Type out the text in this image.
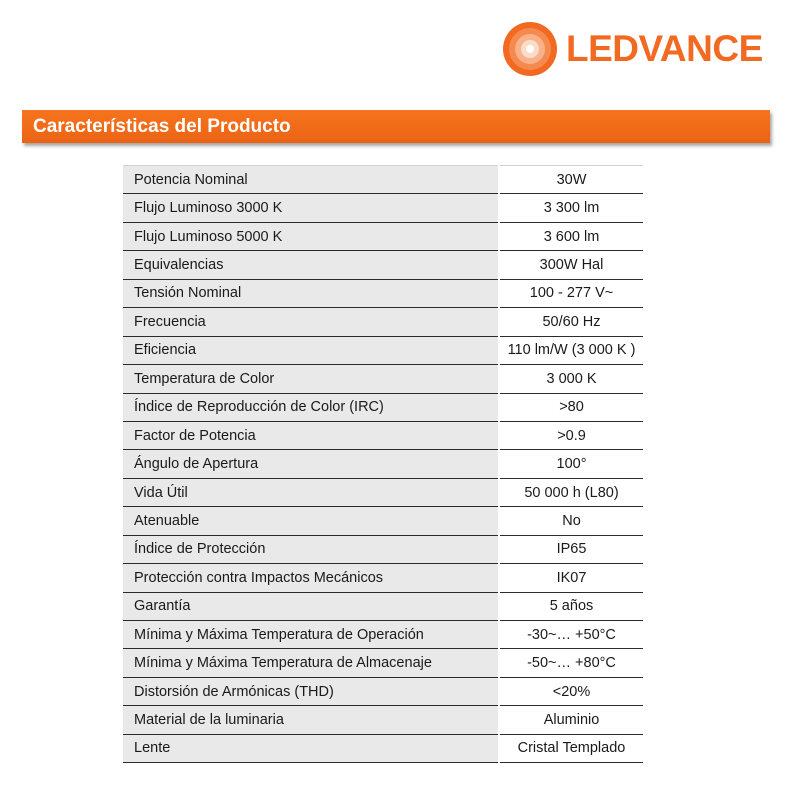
LEDVANCE
Características del Producto
Potencia Nominal	30W
Flujo Luminoso 3000 K	3 300 lm
Flujo Luminoso 5000 K	3 600 lm
Equivalencias	300W Hal
Tensión Nominal	100 - 277 V~
Frecuencia	50/60 Hz
Eficiencia	110 lm/W (3 000 K )
Temperatura de Color	3 000 K
Índice de Reproducción de Color (IRC)	>80
Factor de Potencia	>0.9
Ángulo de Apertura	100°
Vida Útil	50 000 h (L80)
Atenuable	No
Índice de Protección	IP65
Protección contra Impactos Mecánicos	IK07
Garantía	5 años
Mínima y Máxima Temperatura de Operación	-30~… +50°C
Mínima y Máxima Temperatura de Almacenaje	-50~… +80°C
Distorsión de Armónicas (THD)	<20%
Material de la luminaria	Aluminio
Lente	Cristal Templado
